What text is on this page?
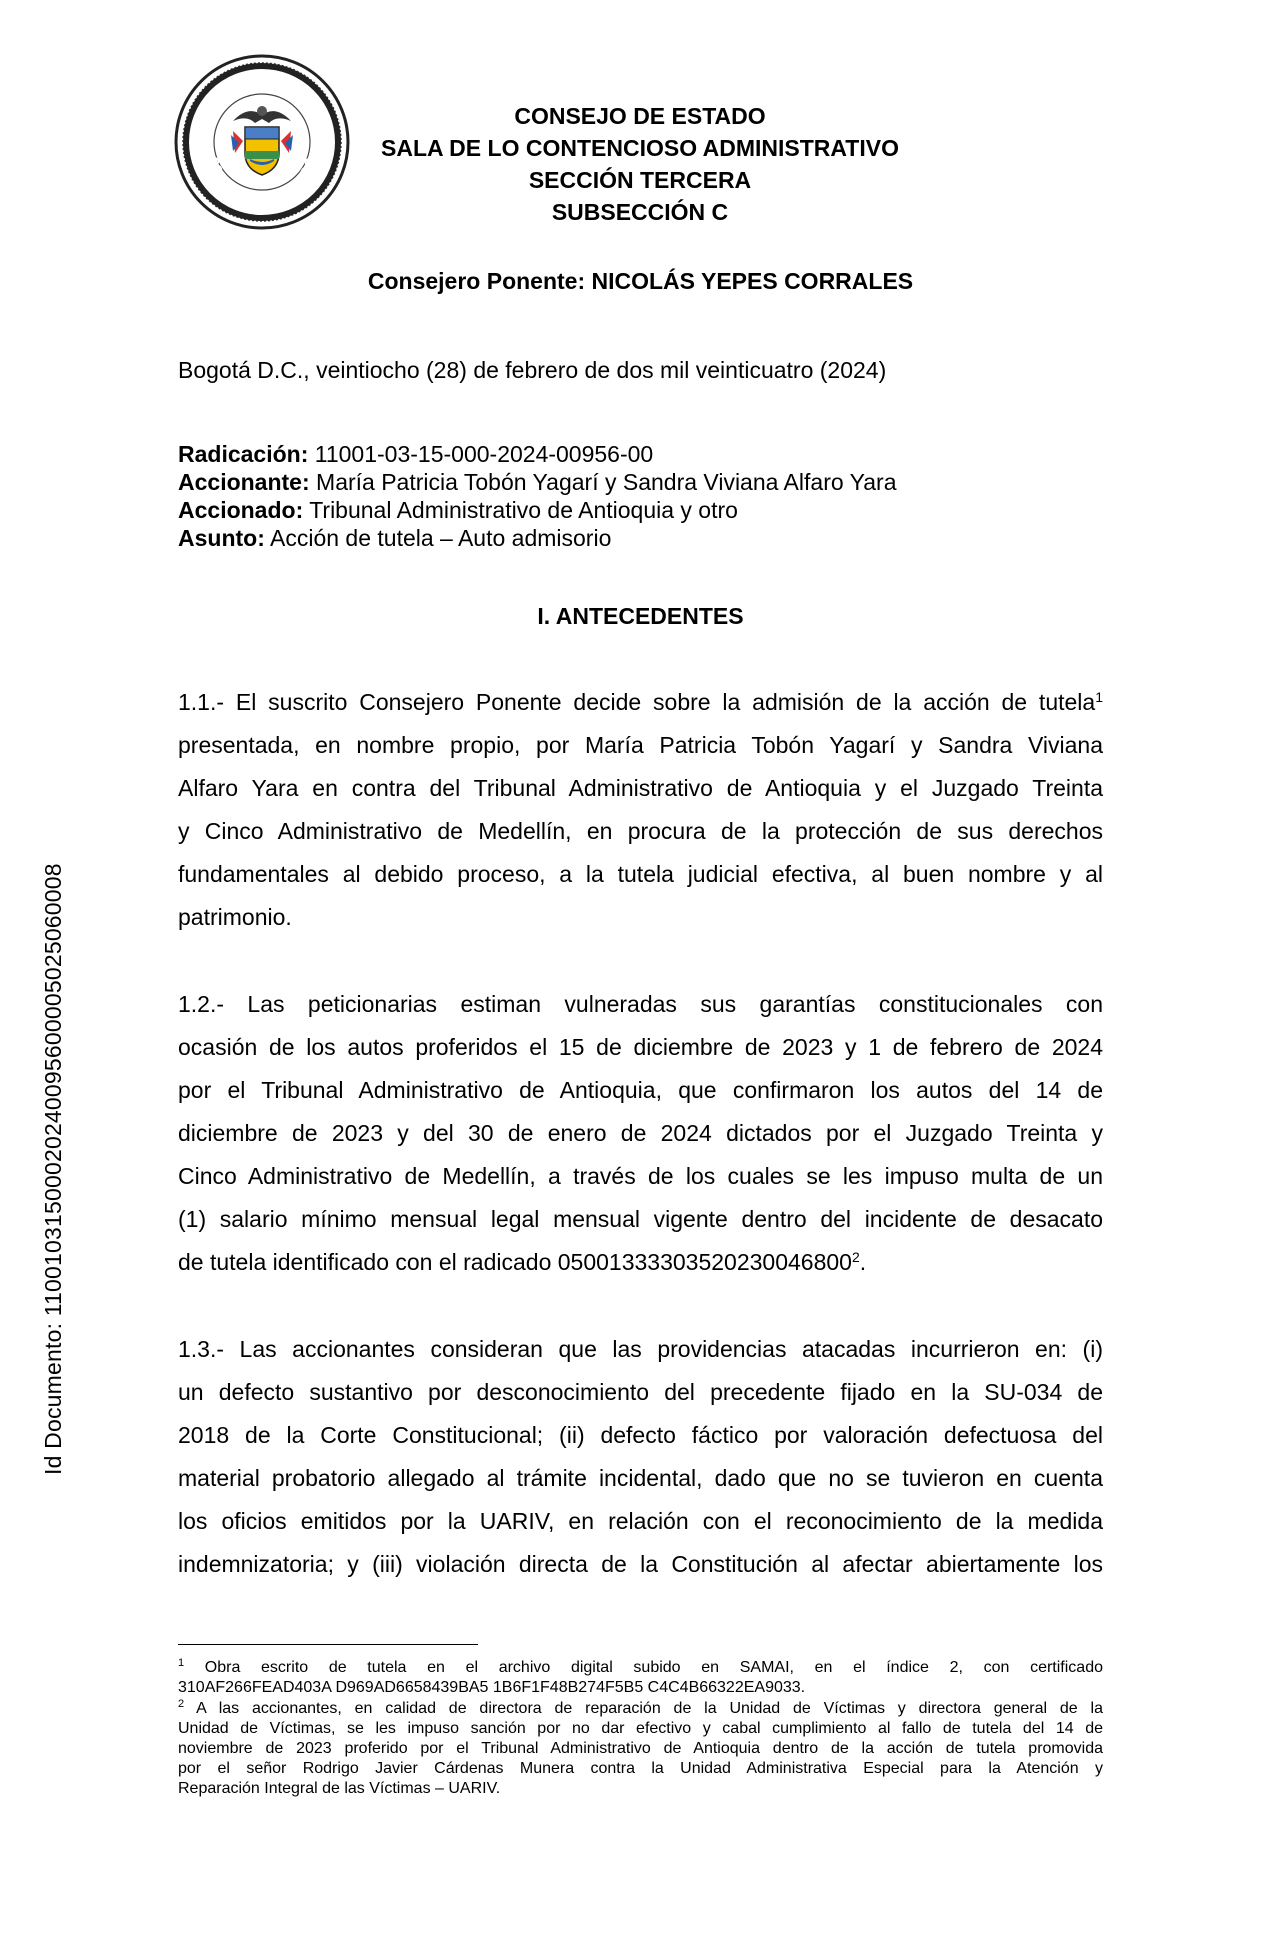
REPÚBLICA DE COLOMBIA
CONSEJO DE ESTADO
Id Documento: 11001031500020240095600005025060008
CONSEJO DE ESTADO
SALA DE LO CONTENCIOSO ADMINISTRATIVO
SECCIÓN TERCERA
SUBSECCIÓN C
Consejero Ponente: NICOLÁS YEPES CORRALES
Bogotá D.C., veintiocho (28) de febrero de dos mil veinticuatro (2024)
Radicación: 11001-03-15-000-2024-00956-00
Accionante: María Patricia Tobón Yagarí y Sandra Viviana Alfaro Yara
Accionado: Tribunal Administrativo de Antioquia y otro
Asunto: Acción de tutela – Auto admisorio
I. ANTECEDENTES
1.1.- El suscrito Consejero Ponente decide sobre la admisión de la acción de tutela$^1$
presentada, en nombre propio, por María Patricia Tobón Yagarí y Sandra Viviana
Alfaro Yara en contra del Tribunal Administrativo de Antioquia y el Juzgado Treinta
y Cinco Administrativo de Medellín, en procura de la protección de sus derechos
fundamentales al debido proceso, a la tutela judicial efectiva, al buen nombre y al
patrimonio.
1.2.- Las peticionarias estiman vulneradas sus garantías constitucionales con
ocasión de los autos proferidos el 15 de diciembre de 2023 y 1 de febrero de 2024
por el Tribunal Administrativo de Antioquia, que confirmaron los autos del 14 de
diciembre de 2023 y del 30 de enero de 2024 dictados por el Juzgado Treinta y
Cinco Administrativo de Medellín, a través de los cuales se les impuso multa de un
(1) salario mínimo mensual legal mensual vigente dentro del incidente de desacato
de tutela identificado con el radicado 05001333303520230046800$^2$.
1.3.- Las accionantes consideran que las providencias atacadas incurrieron en: (i)
un defecto sustantivo por desconocimiento del precedente fijado en la SU-034 de
2018 de la Corte Constitucional; (ii) defecto fáctico por valoración defectuosa del
material probatorio allegado al trámite incidental, dado que no se tuvieron en cuenta
los oficios emitidos por la UARIV, en relación con el reconocimiento de la medida
indemnizatoria; y (iii) violación directa de la Constitución al afectar abiertamente los
$^1$ Obra escrito de tutela en el archivo digital subido en SAMAI, en el índice 2, con certificado
310AF266FEAD403A D969AD6658439BA5 1B6F1F48B274F5B5 C4C4B66322EA9033.
$^2$ A las accionantes, en calidad de directora de reparación de la Unidad de Víctimas y directora general de la
Unidad de Víctimas, se les impuso sanción por no dar efectivo y cabal cumplimiento al fallo de tutela del 14 de
noviembre de 2023 proferido por el Tribunal Administrativo de Antioquia dentro de la acción de tutela promovida
por el señor Rodrigo Javier Cárdenas Munera contra la Unidad Administrativa Especial para la Atención y
Reparación Integral de las Víctimas – UARIV.
